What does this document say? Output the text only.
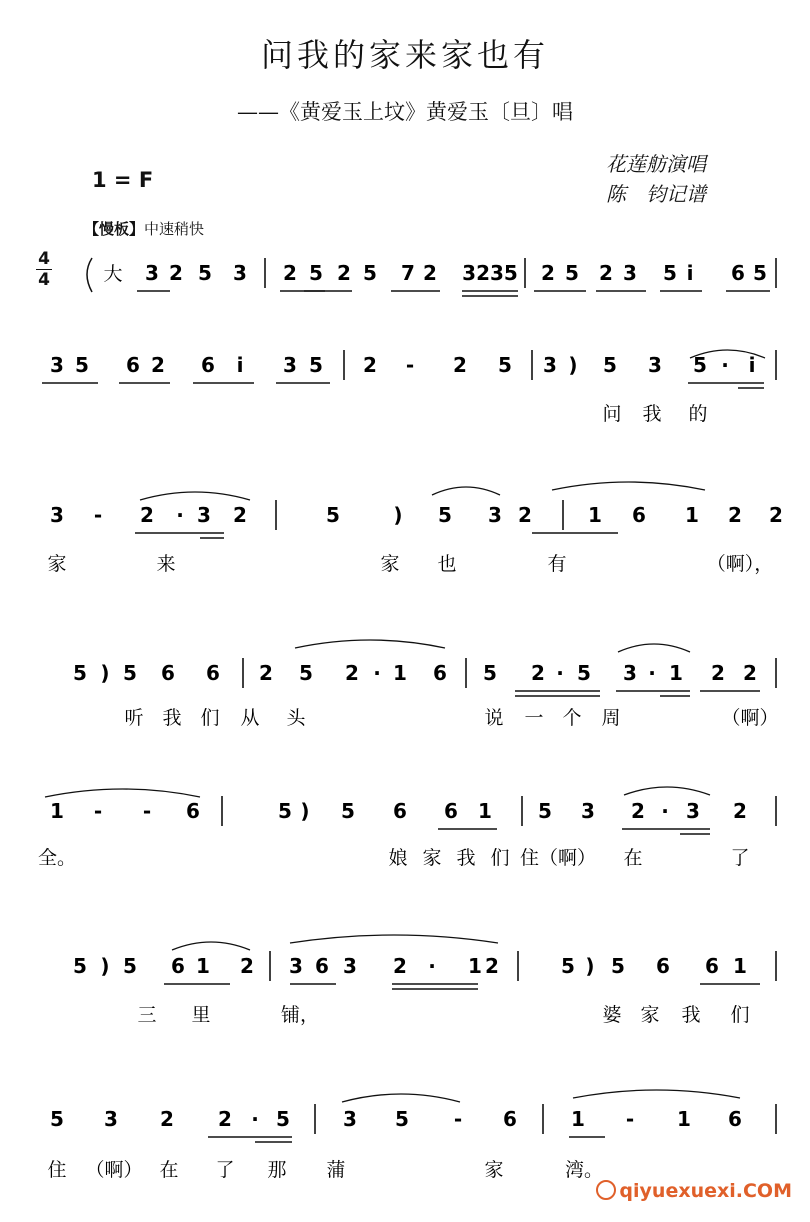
问我的家来家也有
——《黄爱玉上坟》黄爱玉〔旦〕唱
1 = F
花莲舫演唱
陈　钧记谱
【慢板】中速稍快
4
4	大 3 2 5 3 2 5 2 5 7 2 3235 2 5 2 3 5 i 6 5
3 5 6 2 6 i 3 5 2 - 2 5 3 ) 5 3 5 · i
问 我 的
3 - 2 · 3 2	5	) 5 3 2	1 6 1 2 2
家	来	家 也	有	（啊），
5 ) 5 6 6 2 5 2 · 1 6 5 2 · 5 3 · 1 2 2
听 我 们 从 头	说 一 个 周	（啊）
1 - - 6	5 ) 5 6 6 1 5 3 2 · 3 2
全。	娘 家 我 们 住（啊） 在	了
5 ) 5 6 1 2 3 6 3 2 · 1 2	5 ) 5 6 6 1
三 里	铺，	婆 家 我 们
5 3 2 2 · 5	3 5 - 6	1 - 1 6
住 （啊） 在 了 那 蒲	家	湾。
qiyuexuexi.COM
